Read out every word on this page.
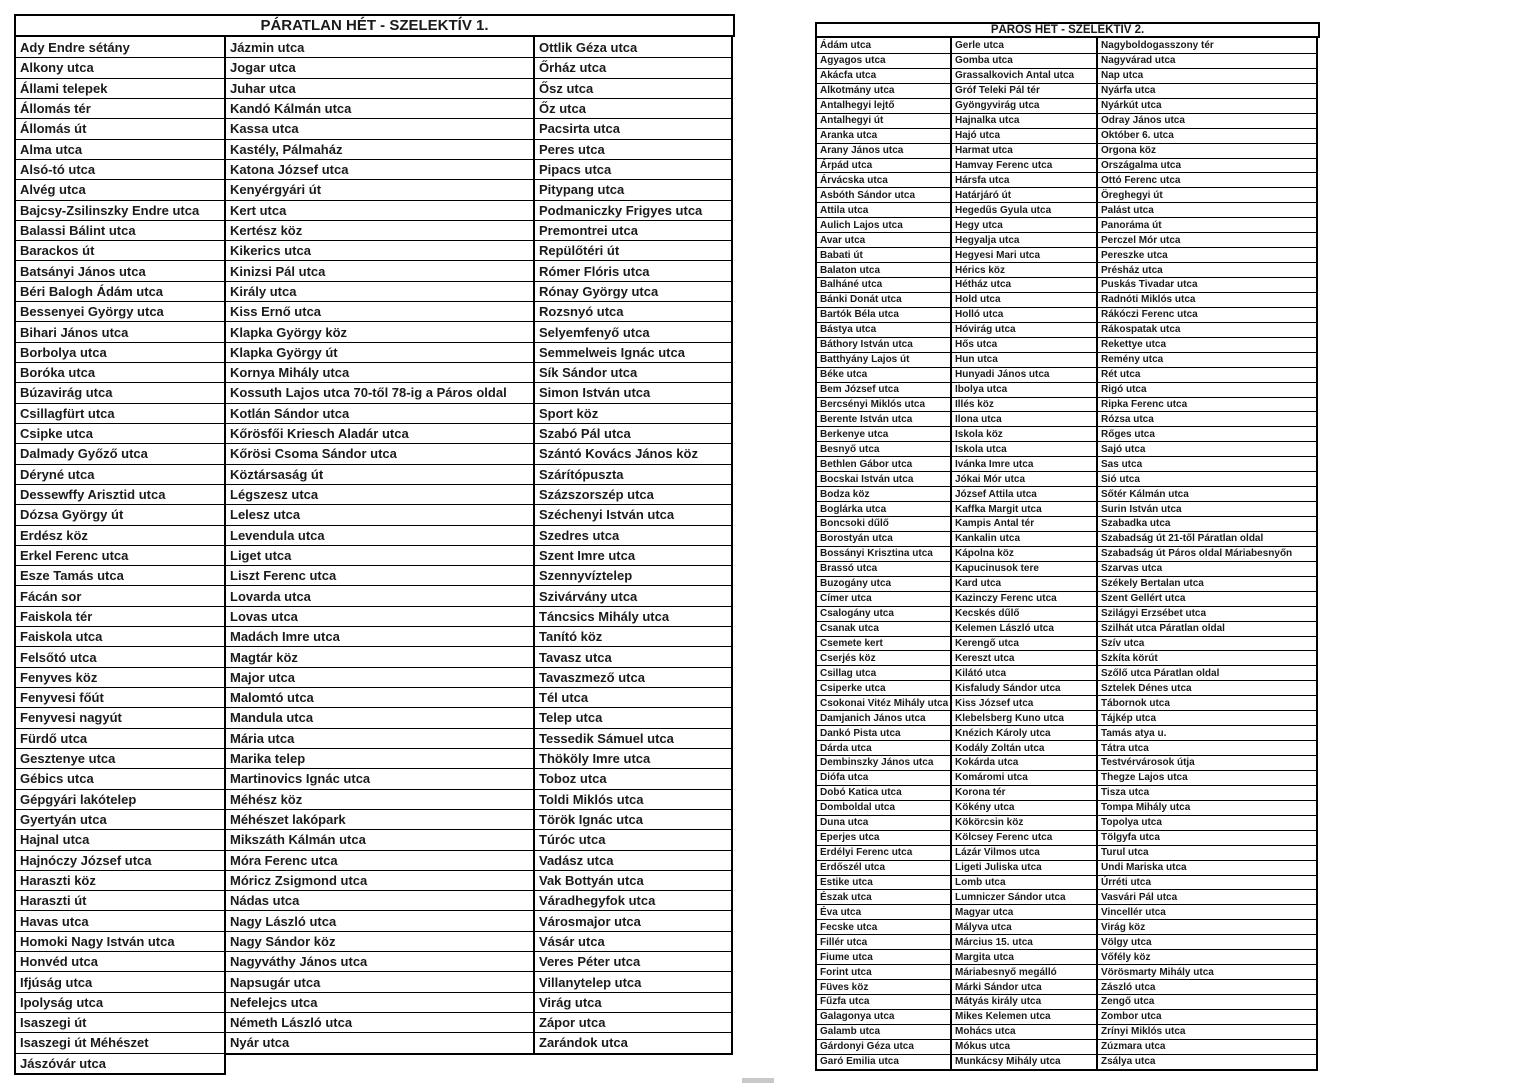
PÁRATLAN HÉT - SZELEKTÍV 1.
Ady Endre sétány
Alkony utca
Állami telepek
Állomás tér
Állomás út
Alma utca
Alsó-tó utca
Alvég utca
Bajcsy-Zsilinszky Endre utca
Balassi Bálint utca
Barackos út
Batsányi János utca
Béri Balogh Ádám utca
Bessenyei György utca
Bihari János utca
Borbolya utca
Boróka utca
Búzavirág utca
Csillagfürt utca
Csipke utca
Dalmady Győző utca
Déryné utca
Dessewffy Arisztid utca
Dózsa György út
Erdész köz
Erkel Ferenc utca
Esze Tamás utca
Fácán sor
Faiskola tér
Faiskola utca
Felsőtó utca
Fenyves köz
Fenyvesi főút
Fenyvesi nagyút
Fürdő utca
Gesztenye utca
Gébics utca
Gépgyári lakótelep
Gyertyán utca
Hajnal utca
Hajnóczy József utca
Haraszti köz
Haraszti út
Havas utca
Homoki Nagy István utca
Honvéd utca
Ifjúság utca
Ipolyság utca
Isaszegi út
Isaszegi út Méhészet
Jászóvár utca
Jázmin utca
Jogar utca
Juhar utca
Kandó Kálmán utca
Kassa utca
Kastély, Pálmaház
Katona József utca
Kenyérgyári út
Kert utca
Kertész köz
Kikerics utca
Kinizsi Pál utca
Király utca
Kiss Ernő utca
Klapka György köz
Klapka György út
Kornya Mihály utca
Kossuth Lajos utca 70-től 78-ig a Páros oldal
Kotlán Sándor utca
Kőrösfői Kriesch Aladár utca
Kőrösi Csoma Sándor utca
Köztársaság út
Légszesz utca
Lelesz utca
Levendula utca
Liget utca
Liszt Ferenc utca
Lovarda utca
Lovas utca
Madách Imre utca
Magtár köz
Major utca
Malomtó utca
Mandula utca
Mária utca
Marika telep
Martinovics Ignác utca
Méhész köz
Méhészet lakópark
Mikszáth Kálmán utca
Móra Ferenc utca
Móricz Zsigmond utca
Nádas utca
Nagy László utca
Nagy Sándor köz
Nagyváthy János utca
Napsugár utca
Nefelejcs utca
Németh László utca
Nyár utca
Ottlik Géza utca
Őrház utca
Ősz utca
Őz utca
Pacsirta utca
Peres utca
Pipacs utca
Pitypang utca
Podmaniczky Frigyes utca
Premontrei utca
Repülőtéri út
Rómer Flóris utca
Rónay György utca
Rozsnyó utca
Selyemfenyő utca
Semmelweis Ignác utca
Sík Sándor utca
Simon István utca
Sport köz
Szabó Pál utca
Szántó Kovács János köz
Szárítópuszta
Százszorszép utca
Széchenyi István utca
Szedres utca
Szent Imre utca
Szennyvíztelep
Szivárvány utca
Táncsics Mihály utca
Tanító köz
Tavasz utca
Tavaszmező utca
Tél utca
Telep utca
Tessedik Sámuel utca
Thököly Imre utca
Toboz utca
Toldi Miklós utca
Török Ignác utca
Túróc utca
Vadász utca
Vak Bottyán utca
Váradhegyfok utca
Városmajor utca
Vásár utca
Veres Péter utca
Villanytelep utca
Virág utca
Zápor utca
Zarándok utca
PÁROS HÉT - SZELEKTÍV 2.
Ádám utca
Agyagos utca
Akácfa utca
Alkotmány utca
Antalhegyi lejtő
Antalhegyi út
Aranka utca
Arany János utca
Árpád utca
Árvácska utca
Asbóth Sándor utca
Attila utca
Aulich Lajos utca
Avar utca
Babati út
Balaton utca
Balháné utca
Bánki Donát utca
Bartók Béla utca
Bástya utca
Báthory István utca
Batthyány Lajos út
Béke utca
Bem József utca
Bercsényi Miklós utca
Berente István utca
Berkenye utca
Besnyő utca
Bethlen Gábor utca
Bocskai István utca
Bodza köz
Boglárka utca
Boncsoki dűlő
Borostyán utca
Bossányi Krisztina utca
Brassó utca
Buzogány utca
Címer utca
Csalogány utca
Csanak utca
Csemete kert
Cserjés köz
Csillag utca
Csiperke utca
Csokonai Vitéz Mihály utca
Damjanich János utca
Dankó Pista utca
Dárda utca
Dembinszky János utca
Diófa utca
Dobó Katica utca
Domboldal utca
Duna utca
Eperjes utca
Erdélyi Ferenc utca
Erdőszél utca
Estike utca
Észak utca
Éva utca
Fecske utca
Fillér utca
Fiume utca
Forint utca
Füves köz
Fűzfa utca
Galagonya utca
Galamb utca
Gárdonyi Géza utca
Garó Emilia utca
Gerle utca
Gomba utca
Grassalkovich Antal utca
Gróf Teleki Pál tér
Gyöngyvirág utca
Hajnalka utca
Hajó utca
Harmat utca
Hamvay Ferenc utca
Hársfa utca
Határjáró út
Hegedűs Gyula utca
Hegy utca
Hegyalja utca
Hegyesi Mari utca
Hérics köz
Hétház utca
Hold utca
Holló utca
Hóvirág utca
Hős utca
Hun utca
Hunyadi János utca
Ibolya utca
Illés köz
Ilona utca
Iskola köz
Iskola utca
Ivánka Imre utca
Jókai Mór utca
József Attila utca
Kaffka Margit utca
Kampis Antal tér
Kankalin utca
Kápolna köz
Kapucinusok tere
Kard utca
Kazinczy Ferenc utca
Kecskés dűlő
Kelemen László utca
Kerengő utca
Kereszt utca
Kilátó utca
Kisfaludy Sándor utca
Kiss József utca
Klebelsberg Kuno utca
Knézich Károly utca
Kodály Zoltán utca
Kokárda utca
Komáromi utca
Korona tér
Kökény utca
Kökörcsin köz
Kölcsey Ferenc utca
Lázár Vilmos utca
Ligeti Juliska utca
Lomb utca
Lumniczer Sándor utca
Magyar utca
Mályva utca
Március 15. utca
Margita utca
Máriabesnyő megálló
Márki Sándor utca
Mátyás király utca
Mikes Kelemen utca
Mohács utca
Mókus utca
Munkácsy Mihály utca
Nagyboldogasszony tér
Nagyvárad utca
Nap utca
Nyárfa utca
Nyárkút utca
Odray János utca
Október 6. utca
Orgona köz
Országalma utca
Ottó Ferenc utca
Öreghegyi út
Palást utca
Panoráma út
Perczel Mór utca
Pereszke utca
Présház utca
Puskás Tivadar utca
Radnóti Miklós utca
Rákóczi Ferenc utca
Rákospatak utca
Rekettye utca
Remény utca
Rét utca
Rigó utca
Ripka Ferenc utca
Rózsa utca
Rőges utca
Sajó utca
Sas utca
Sió utca
Sőtér Kálmán utca
Surin István utca
Szabadka utca
Szabadság út 21-től Páratlan oldal
Szabadság út Páros oldal Máriabesnyőn
Szarvas utca
Székely Bertalan utca
Szent Gellért utca
Szilágyi Erzsébet utca
Szilhát utca Páratlan oldal
Szív utca
Szkíta körút
Szőlő utca Páratlan oldal
Sztelek Dénes utca
Tábornok utca
Tájkép utca
Tamás atya u.
Tátra utca
Testvérvárosok útja
Thegze Lajos utca
Tisza utca
Tompa Mihály utca
Topolya utca
Tölgyfa utca
Turul utca
Undi Mariska utca
Úrréti utca
Vasvári Pál utca
Vincellér utca
Virág köz
Völgy utca
Vőfély köz
Vörösmarty Mihály utca
Zászló utca
Zengő utca
Zombor utca
Zrínyi Miklós utca
Zúzmara utca
Zsálya utca
